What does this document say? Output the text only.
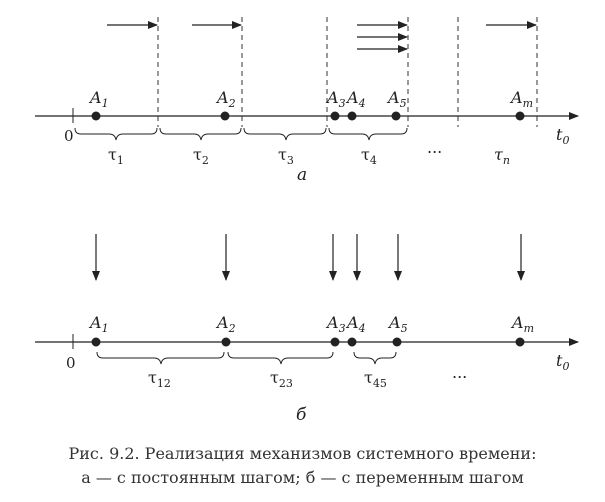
0	$t_0$
$A_1$	$A_2$	$A_3$ $A_4$ $A_5$	$A_m$
$\tau_1$	$\tau_2$	$\tau_3$	$\tau_4$	$\tau_n$
...
а
0	$t_0$
$A_1$	$A_2$	$A_3$ $A_4$ $A_5$	$A_m$
$\tau_{12}$	$\tau_{23}$	$\tau_{45}$
...
б
Рис. 9.2. Реализация механизмов системного времени:
а — с постоянным шагом; б — с переменным шагом
